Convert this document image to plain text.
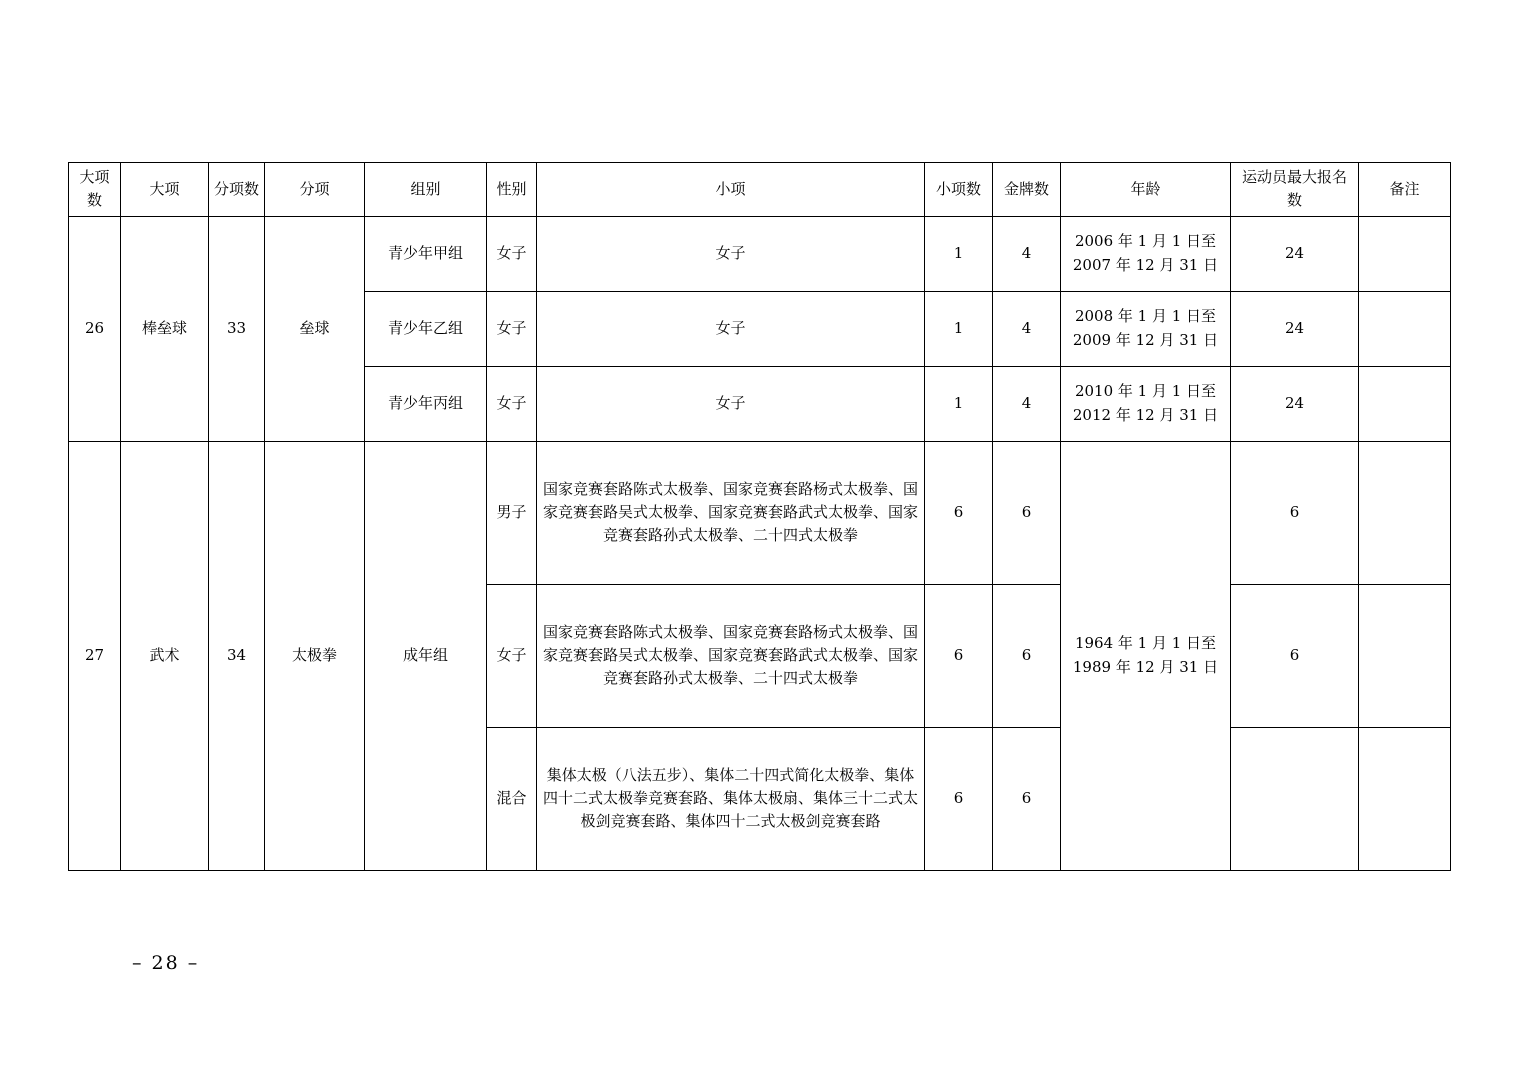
大项数	大项	分项数	分项	组别	性别	小项	小项数	金牌数	年龄	运动员最大报名数	备注
26	棒垒球	33	垒球	青少年甲组	女子	女子	1	4	2006 年 1 月 1 日至
2007 年 12 月 31 日	24	
				青少年乙组	女子	女子	1	4	2008 年 1 月 1 日至
2009 年 12 月 31 日	24	
				青少年丙组	女子	女子	1	4	2010 年 1 月 1 日至
2012 年 12 月 31 日	24	
27	武术	34	太极拳	成年组	男子	国家竞赛套路陈式太极拳、国家竞赛套路杨式太极拳、国家竞赛套路吴式太极拳、国家竞赛套路武式太极拳、国家竞赛套路孙式太极拳、二十四式太极拳	6	6	1964 年 1 月 1 日至
1989 年 12 月 31 日	6	
					女子	国家竞赛套路陈式太极拳、国家竞赛套路杨式太极拳、国家竞赛套路吴式太极拳、国家竞赛套路武式太极拳、国家竞赛套路孙式太极拳、二十四式太极拳	6	6		6	
					混合	集体太极（八法五步）、集体二十四式简化太极拳、集体四十二式太极拳竞赛套路、集体太极扇、集体三十二式太极剑竞赛套路、集体四十二式太极剑竞赛套路	6	6			
– 28 –
